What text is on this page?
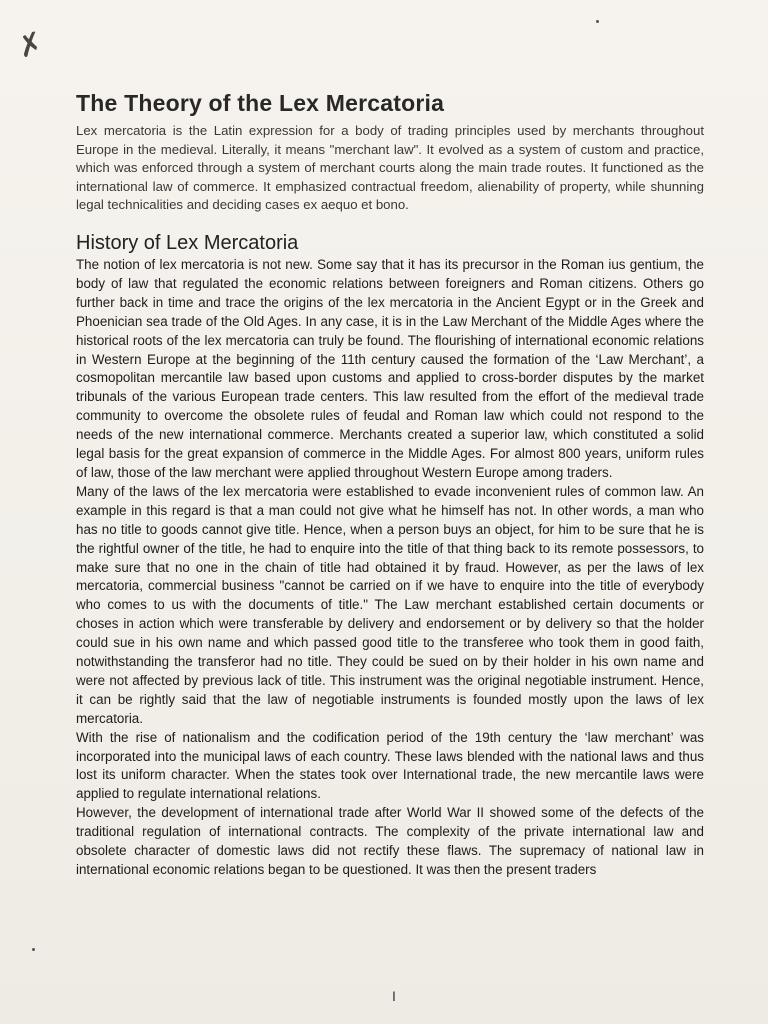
✗
The Theory of the Lex Mercatoria

Lex mercatoria is the Latin expression for a body of trading principles used by merchants throughout Europe in the medieval. Literally, it means "merchant law". It evolved as a system of custom and practice, which was enforced through a system of merchant courts along the main trade routes. It functioned as the international law of commerce. It emphasized contractual freedom, alienability of property, while shunning legal technicalities and deciding cases ex aequo et bono.

History of Lex Mercatoria

The notion of lex mercatoria is not new. Some say that it has its precursor in the Roman ius gentium, the body of law that regulated the economic relations between foreigners and Roman citizens. Others go further back in time and trace the origins of the lex mercatoria in the Ancient Egypt or in the Greek and Phoenician sea trade of the Old Ages. In any case, it is in the Law Merchant of the Middle Ages where the historical roots of the lex mercatoria can truly be found. The flourishing of international economic relations in Western Europe at the beginning of the 11th century caused the formation of the ‘Law Merchant’, a cosmopolitan mercantile law based upon customs and applied to cross-border disputes by the market tribunals of the various European trade centers. This law resulted from the effort of the medieval trade community to overcome the obsolete rules of feudal and Roman law which could not respond to the needs of the new international commerce. Merchants created a superior law, which constituted a solid legal basis for the great expansion of commerce in the Middle Ages. For almost 800 years, uniform rules of law, those of the law merchant were applied throughout Western Europe among traders.

Many of the laws of the lex mercatoria were established to evade inconvenient rules of common law. An example in this regard is that a man could not give what he himself has not. In other words, a man who has no title to goods cannot give title. Hence, when a person buys an object, for him to be sure that he is the rightful owner of the title, he had to enquire into the title of that thing back to its remote possessors, to make sure that no one in the chain of title had obtained it by fraud. However, as per the laws of lex mercatoria, commercial business "cannot be carried on if we have to enquire into the title of everybody who comes to us with the documents of title." The Law merchant established certain documents or choses in action which were transferable by delivery and endorsement or by delivery so that the holder could sue in his own name and which passed good title to the transferee who took them in good faith, notwithstanding the transferor had no title. They could be sued on by their holder in his own name and were not affected by previous lack of title. This instrument was the original negotiable instrument. Hence, it can be rightly said that the law of negotiable instruments is founded mostly upon the laws of lex mercatoria.

With the rise of nationalism and the codification period of the 19th century the ‘law merchant’ was incorporated into the municipal laws of each country. These laws blended with the national laws and thus lost its uniform character. When the states took over International trade, the new mercantile laws were applied to regulate international relations.

However, the development of international trade after World War II showed some of the defects of the traditional regulation of international contracts. The complexity of the private international law and obsolete character of domestic laws did not rectify these flaws. The supremacy of national law in international economic relations began to be questioned. It was then the present traders

I
